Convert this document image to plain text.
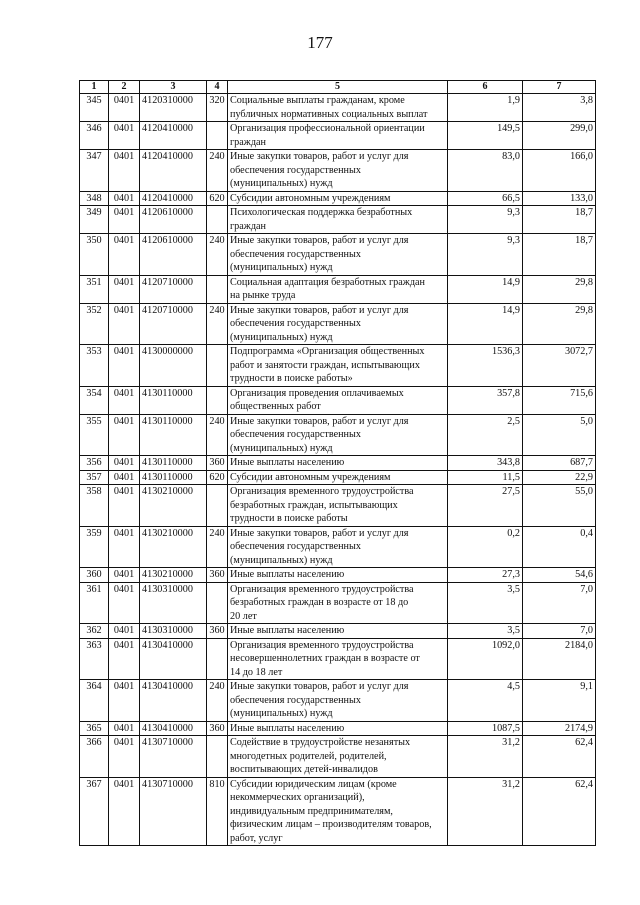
177
1	2	3	4	5	6	7
345	0401	4120310000	320	Социальные выплаты гражданам, кроме
публичных нормативных социальных выплат	1,9	3,8
346	0401	4120410000		Организация профессиональной ориентации
граждан	149,5	299,0
347	0401	4120410000	240	Иные закупки товаров, работ и услуг для
обеспечения государственных
(муниципальных) нужд	83,0	166,0
348	0401	4120410000	620	Субсидии автономным учреждениям	66,5	133,0
349	0401	4120610000		Психологическая поддержка безработных
граждан	9,3	18,7
350	0401	4120610000	240	Иные закупки товаров, работ и услуг для
обеспечения государственных
(муниципальных) нужд	9,3	18,7
351	0401	4120710000		Социальная адаптация безработных граждан
на рынке труда	14,9	29,8
352	0401	4120710000	240	Иные закупки товаров, работ и услуг для
обеспечения государственных
(муниципальных) нужд	14,9	29,8
353	0401	4130000000		Подпрограмма «Организация общественных
работ и занятости граждан, испытывающих
трудности в поиске работы»	1536,3	3072,7
354	0401	4130110000		Организация проведения оплачиваемых
общественных работ	357,8	715,6
355	0401	4130110000	240	Иные закупки товаров, работ и услуг для
обеспечения государственных
(муниципальных) нужд	2,5	5,0
356	0401	4130110000	360	Иные выплаты населению	343,8	687,7
357	0401	4130110000	620	Субсидии автономным учреждениям	11,5	22,9
358	0401	4130210000		Организация временного трудоустройства
безработных граждан, испытывающих
трудности в поиске работы	27,5	55,0
359	0401	4130210000	240	Иные закупки товаров, работ и услуг для
обеспечения государственных
(муниципальных) нужд	0,2	0,4
360	0401	4130210000	360	Иные выплаты населению	27,3	54,6
361	0401	4130310000		Организация временного трудоустройства
безработных граждан в возрасте от 18 до
20 лет	3,5	7,0
362	0401	4130310000	360	Иные выплаты населению	3,5	7,0
363	0401	4130410000		Организация временного трудоустройства
несовершеннолетних граждан в возрасте от
14 до 18 лет	1092,0	2184,0
364	0401	4130410000	240	Иные закупки товаров, работ и услуг для
обеспечения государственных
(муниципальных) нужд	4,5	9,1
365	0401	4130410000	360	Иные выплаты населению	1087,5	2174,9
366	0401	4130710000		Содействие в трудоустройстве незанятых
многодетных родителей, родителей,
воспитывающих детей-инвалидов	31,2	62,4
367	0401	4130710000	810	Субсидии юридическим лицам (кроме
некоммерческих организаций),
индивидуальным предпринимателям,
физическим лицам – производителям товаров,
работ, услуг	31,2	62,4
